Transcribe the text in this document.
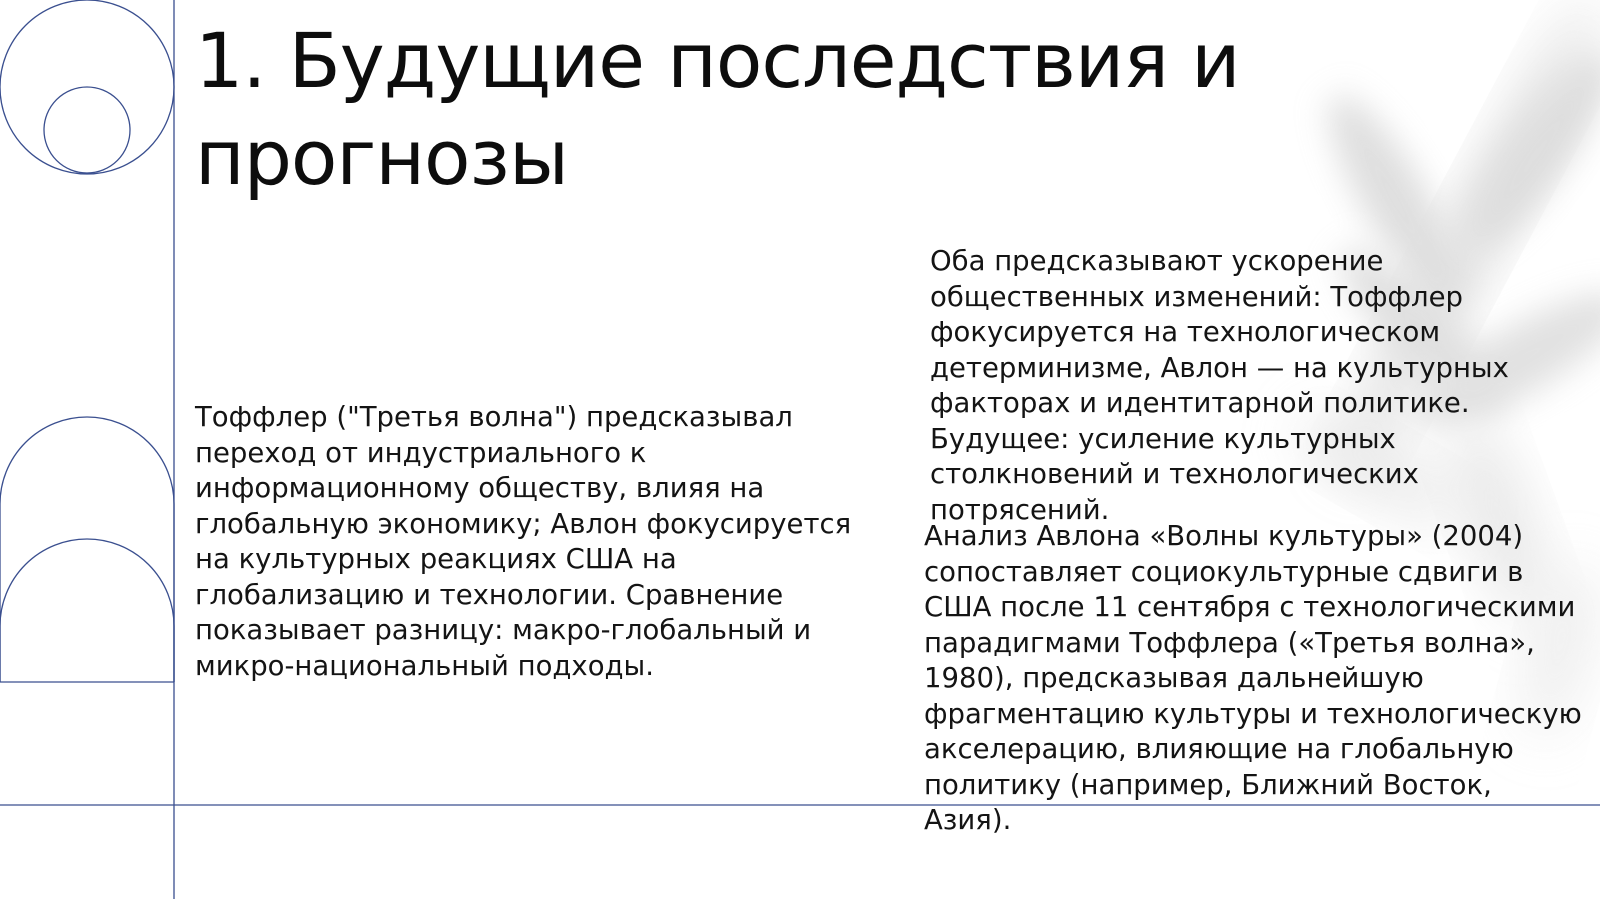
1. Будущие последствия и прогнозы

Тоффлер ("Третья волна") предсказывал переход от индустриального к информационному обществу, влияя на глобальную экономику; Авлон фокусируется на культурных реакциях США на глобализацию и технологии. Сравнение показывает разницу: макро-глобальный и микро-национальный подходы.

Оба предсказывают ускорение общественных изменений: Тоффлер фокусируется на технологическом детерминизме, Авлон — на культурных факторах и идентитарной политике. Будущее: усиление культурных столкновений и технологических потрясений.

Анализ Авлона «Волны культуры» (2004) сопоставляет социокультурные сдвиги в США после 11 сентября с технологическими парадигмами Тоффлера («Третья волна», 1980), предсказывая дальнейшую фрагментацию культуры и технологическую акселерацию, влияющие на глобальную политику (например, Ближний Восток, Азия).
